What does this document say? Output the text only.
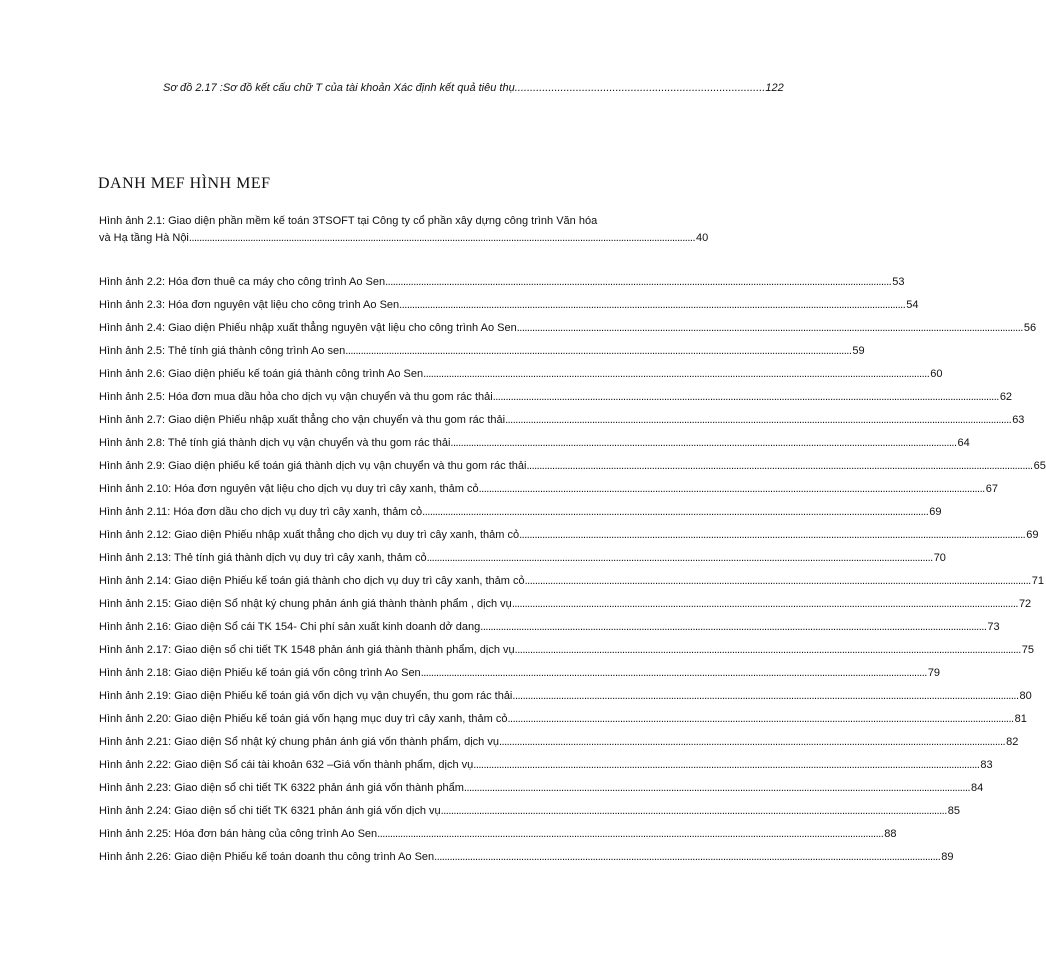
Sơ đồ 2.17 :Sơ đồ kết cấu chữ T của tài khoản Xác định kết quả tiêu thụ .................................................................................. 122
DANH MEF HÌNH MEF
Hình ảnh 2.1: Giao diện phần mềm kế toán 3TSOFT tại Công ty cổ phần xây dựng công trình Văn hóa
và Hạ tầng Hà Nội .....	40
Hình ảnh 2.2: Hóa đơn thuê ca máy cho công trình Ao Sen .....	53
Hình ảnh 2.3: Hóa đơn nguyên vật liệu cho công trình Ao Sen .....	54
Hình ảnh 2.4: Giao diện Phiếu nhập xuất thẳng nguyên vật liệu cho công trình Ao Sen .....	56
Hình ảnh 2.5: Thẻ tính giá thành công trình Ao sen .....	59
Hình ảnh 2.6: Giao diện phiếu kế toán giá thành công trình Ao Sen .....	60
Hình ảnh 2.5: Hóa đơn mua dầu hỏa cho dịch vụ vận chuyển và thu gom rác thải .....	62
Hình ảnh 2.7: Giao diện Phiếu nhập xuất thẳng cho vận chuyển và thu gom rác thải .....	63
Hình ảnh 2.8: Thẻ tính giá thành dịch vụ vận chuyển và thu gom rác thải .....	64
Hình ảnh 2.9: Giao diện phiếu kế toán giá thành dịch vụ vận chuyển và thu gom rác thải .....	65
Hình ảnh 2.10: Hóa đơn nguyên vật liệu cho dịch vụ duy trì cây xanh, thảm cỏ .....	67
Hình ảnh 2.11: Hóa đơn dầu cho dịch vụ duy trì cây xanh, thảm cỏ .....	69
Hình ảnh 2.12: Giao diện Phiếu nhập xuất thẳng cho dịch vụ duy trì cây xanh, thảm cỏ .....	69
Hình ảnh 2.13: Thẻ tính giá thành dịch vụ duy trì cây xanh, thảm cỏ .....	70
Hình ảnh 2.14: Giao diện Phiếu kế toán giá thành cho dịch vụ duy trì cây xanh, thảm cỏ .....	71
Hình ảnh 2.15: Giao diện Sổ nhật ký chung phản ánh giá thành thành phẩm , dịch vụ .....	72
Hình ảnh 2.16: Giao diện Sổ cái TK 154- Chi phí sản xuất kinh doanh dở dang .....	73
Hình ảnh 2.17: Giao diện sổ chi tiết TK 1548 phản ánh giá thành thành phẩm, dịch vụ .....	75
Hình ảnh 2.18: Giao diện Phiếu kế toán giá vốn công trình Ao Sen .....	79
Hình ảnh 2.19: Giao diện Phiếu kế toán giá vốn dịch vụ vận chuyển, thu gom rác thải .....	80
Hình ảnh 2.20: Giao diện Phiếu kế toán giá vốn hạng mục duy trì cây xanh, thảm cỏ .....	81
Hình ảnh 2.21: Giao diện Sổ nhật ký chung phản ánh giá vốn thành phẩm, dịch vụ .....	82
Hình ảnh 2.22: Giao diện Sổ cái tài khoản 632 –Giá vốn thành phẩm, dịch vụ .....	83
Hình ảnh 2.23: Giao diện sổ chi tiết TK 6322 phản ánh giá vốn thành phẩm .....	84
Hình ảnh 2.24: Giao diện sổ chi tiết TK 6321 phản ánh giá vốn dịch vụ .....	85
Hình ảnh 2.25: Hóa đơn bán hàng của công trình Ao Sen .....	88
Hình ảnh 2.26: Giao diện Phiếu kế toán doanh thu công trình Ao Sen .....	89
